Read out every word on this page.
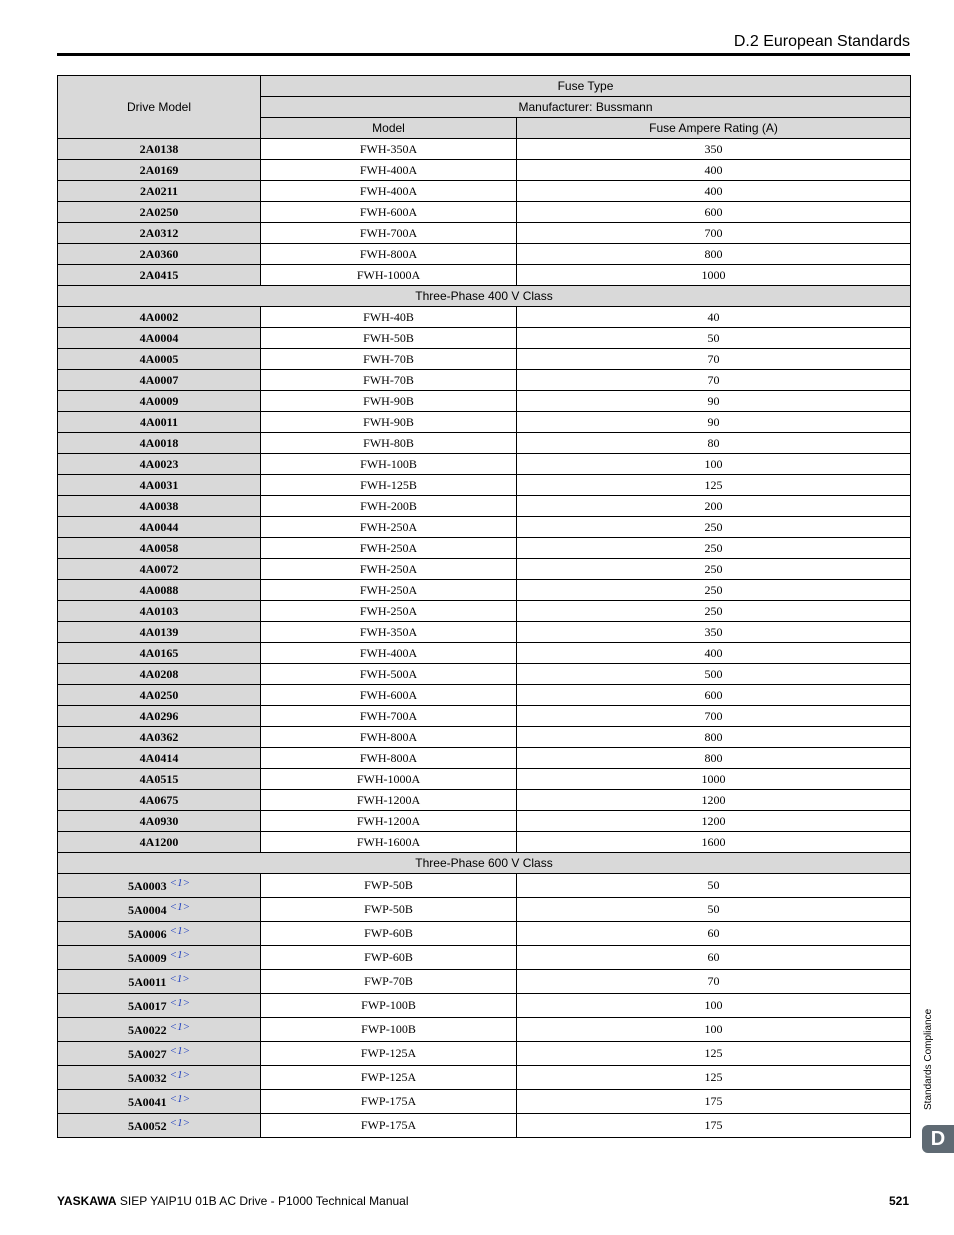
D.2 European Standards
Drive Model	Fuse Type	
	Manufacturer: Bussmann	
	Model	Fuse Ampere Rating (A)
2A0138	FWH-350A	350
2A0169	FWH-400A	400
2A0211	FWH-400A	400
2A0250	FWH-600A	600
2A0312	FWH-700A	700
2A0360	FWH-800A	800
2A0415	FWH-1000A	1000
Three-Phase 400 V Class		
4A0002	FWH-40B	40
4A0004	FWH-50B	50
4A0005	FWH-70B	70
4A0007	FWH-70B	70
4A0009	FWH-90B	90
4A0011	FWH-90B	90
4A0018	FWH-80B	80
4A0023	FWH-100B	100
4A0031	FWH-125B	125
4A0038	FWH-200B	200
4A0044	FWH-250A	250
4A0058	FWH-250A	250
4A0072	FWH-250A	250
4A0088	FWH-250A	250
4A0103	FWH-250A	250
4A0139	FWH-350A	350
4A0165	FWH-400A	400
4A0208	FWH-500A	500
4A0250	FWH-600A	600
4A0296	FWH-700A	700
4A0362	FWH-800A	800
4A0414	FWH-800A	800
4A0515	FWH-1000A	1000
4A0675	FWH-1200A	1200
4A0930	FWH-1200A	1200
4A1200	FWH-1600A	1600
Three-Phase 600 V Class		
5A0003 <1>	FWP-50B	50
5A0004 <1>	FWP-50B	50
5A0006 <1>	FWP-60B	60
5A0009 <1>	FWP-60B	60
5A0011 <1>	FWP-70B	70
5A0017 <1>	FWP-100B	100
5A0022 <1>	FWP-100B	100
5A0027 <1>	FWP-125A	125
5A0032 <1>	FWP-125A	125
5A0041 <1>	FWP-175A	175
5A0052 <1>	FWP-175A	175
Standards Compliance
D
YASKAWA SIEP YAIP1U 01B AC Drive - P1000 Technical Manual	521
